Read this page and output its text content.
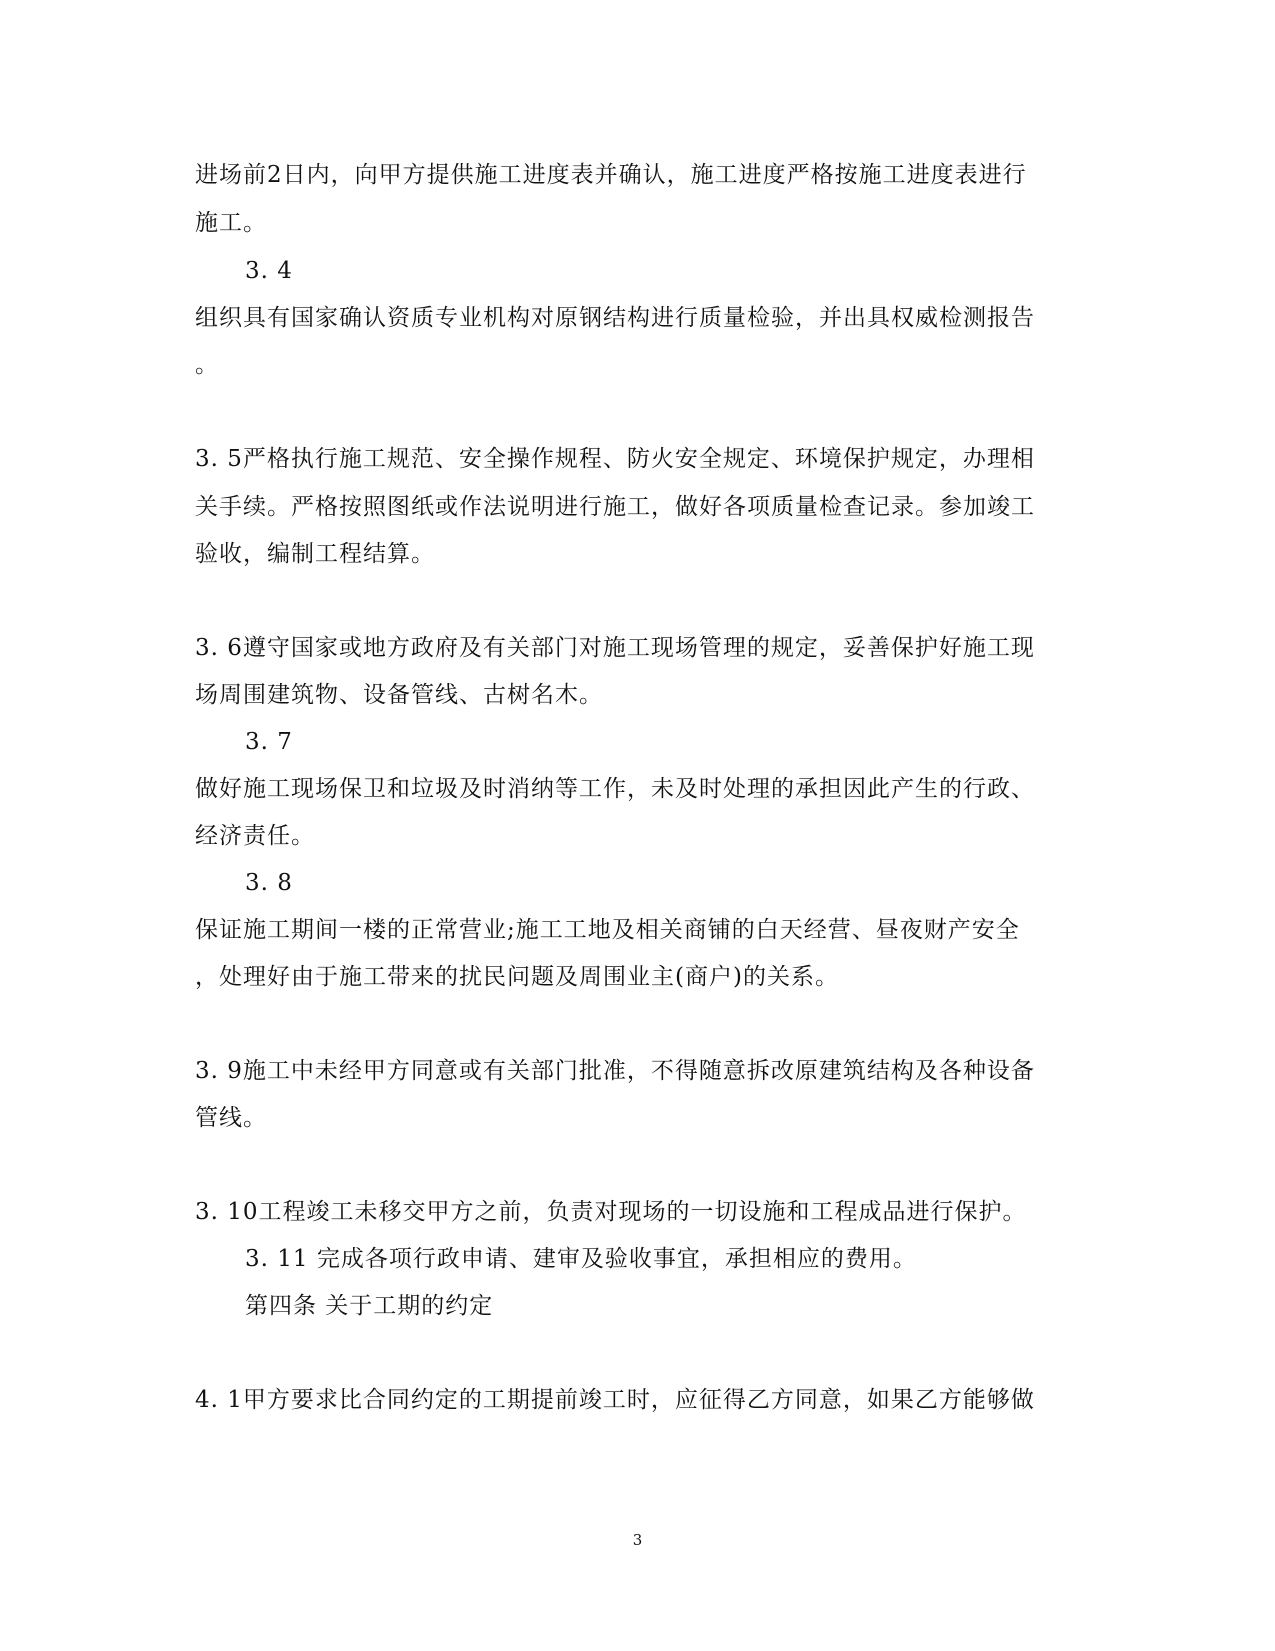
进场前2日内，向甲方提供施工进度表并确认，施工进度严格按施工进度表进行
施工。
3. 4
组织具有国家确认资质专业机构对原钢结构进行质量检验，并出具权威检测报告
。
3. 5严格执行施工规范、安全操作规程、防火安全规定、环境保护规定，办理相
关手续。严格按照图纸或作法说明进行施工，做好各项质量检查记录。参加竣工
验收，编制工程结算。
3. 6遵守国家或地方政府及有关部门对施工现场管理的规定，妥善保护好施工现
场周围建筑物、设备管线、古树名木。
3. 7
做好施工现场保卫和垃圾及时消纳等工作，未及时处理的承担因此产生的行政、
经济责任。
3. 8
保证施工期间一楼的正常营业;施工工地及相关商铺的白天经营、昼夜财产安全
，处理好由于施工带来的扰民问题及周围业主(商户)的关系。
3. 9施工中未经甲方同意或有关部门批准，不得随意拆改原建筑结构及各种设备
管线。
3. 10工程竣工未移交甲方之前，负责对现场的一切设施和工程成品进行保护。
3. 11 完成各项行政申请、建审及验收事宜，承担相应的费用。
第四条 关于工期的约定
4. 1甲方要求比合同约定的工期提前竣工时，应征得乙方同意，如果乙方能够做
3
